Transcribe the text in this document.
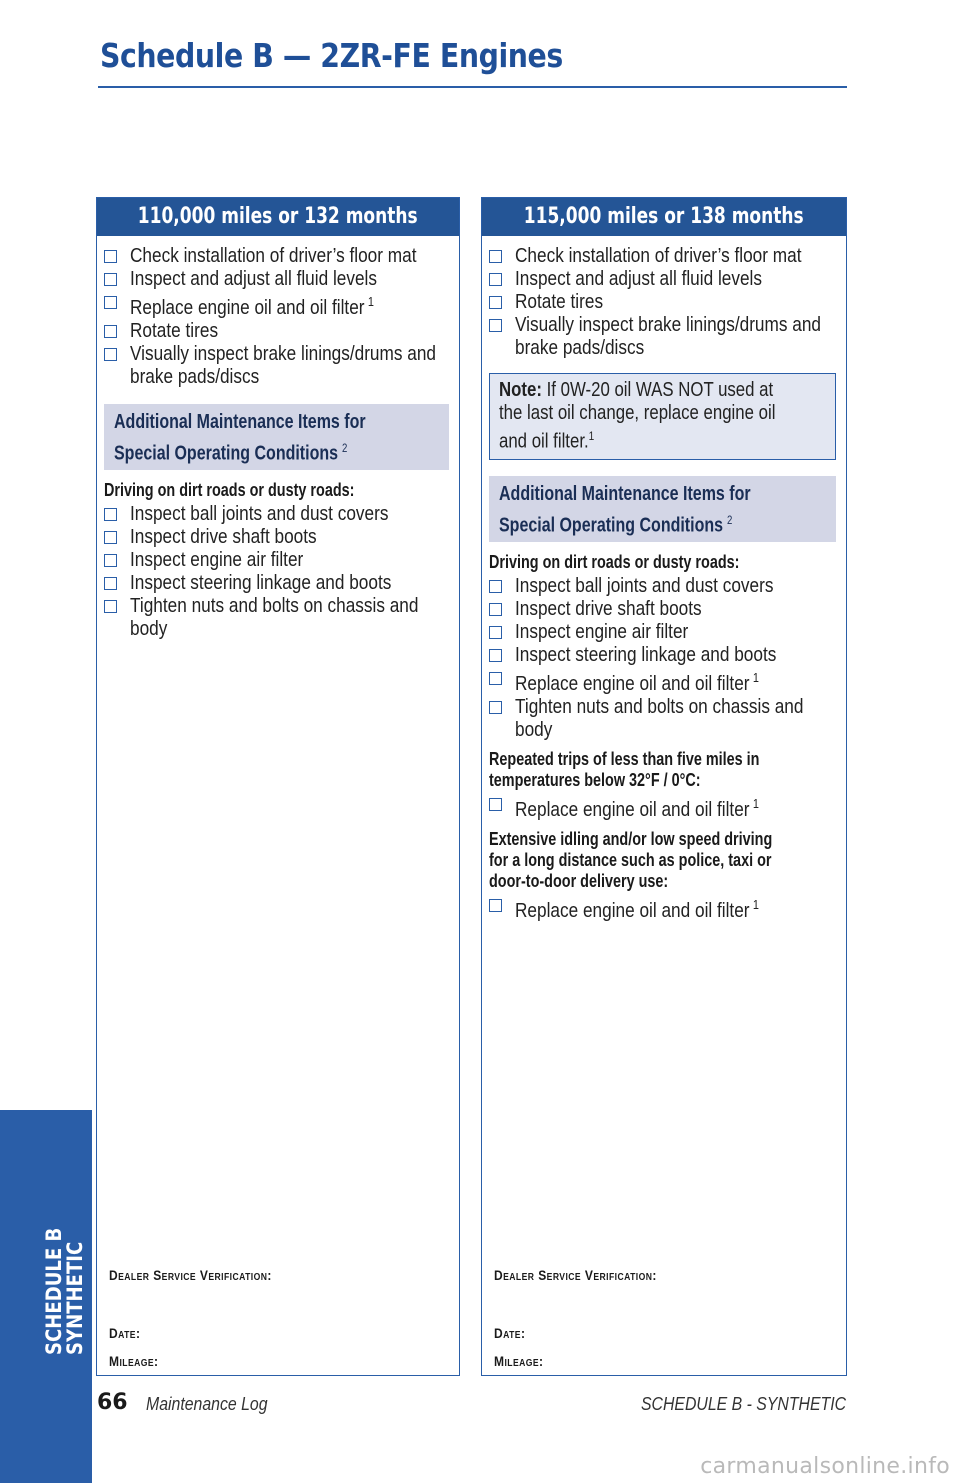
Schedule B — 2ZR-FE Engines
110,000 miles or 132 months
Check installation of driver’s floor mat
Inspect and adjust all fluid levels
Replace engine oil and oil filter $^1$
Rotate tires
Visually inspect brake linings/drums and
brake pads/discs
Additional Maintenance Items for
Special Operating Conditions $^2$
Driving on dirt roads or dusty roads:
Inspect ball joints and dust covers
Inspect drive shaft boots
Inspect engine air filter
Inspect steering linkage and boots
Tighten nuts and bolts on chassis and
body
Dealer Service Verification:
Date:
Mileage:
115,000 miles or 138 months
Check installation of driver’s floor mat
Inspect and adjust all fluid levels
Rotate tires
Visually inspect brake linings/drums and
brake pads/discs
Note: If 0W-20 oil WAS NOT used at
the last oil change, replace engine oil
and oil filter.$^1$
Additional Maintenance Items for
Special Operating Conditions $^2$
Driving on dirt roads or dusty roads:
Inspect ball joints and dust covers
Inspect drive shaft boots
Inspect engine air filter
Inspect steering linkage and boots
Replace engine oil and oil filter $^1$
Tighten nuts and bolts on chassis and
body
Repeated trips of less than five miles in
temperatures below 32°F / 0°C:
Replace engine oil and oil filter $^1$
Extensive idling and/or low speed driving
for a long distance such as police, taxi or
door-to-door delivery use:
Replace engine oil and oil filter $^1$
Dealer Service Verification:
Date:
Mileage:
SCHEDULE B
SYNTHETIC
66 Maintenance Log	SCHEDULE B - SYNTHETIC
carmanualsonline.info
